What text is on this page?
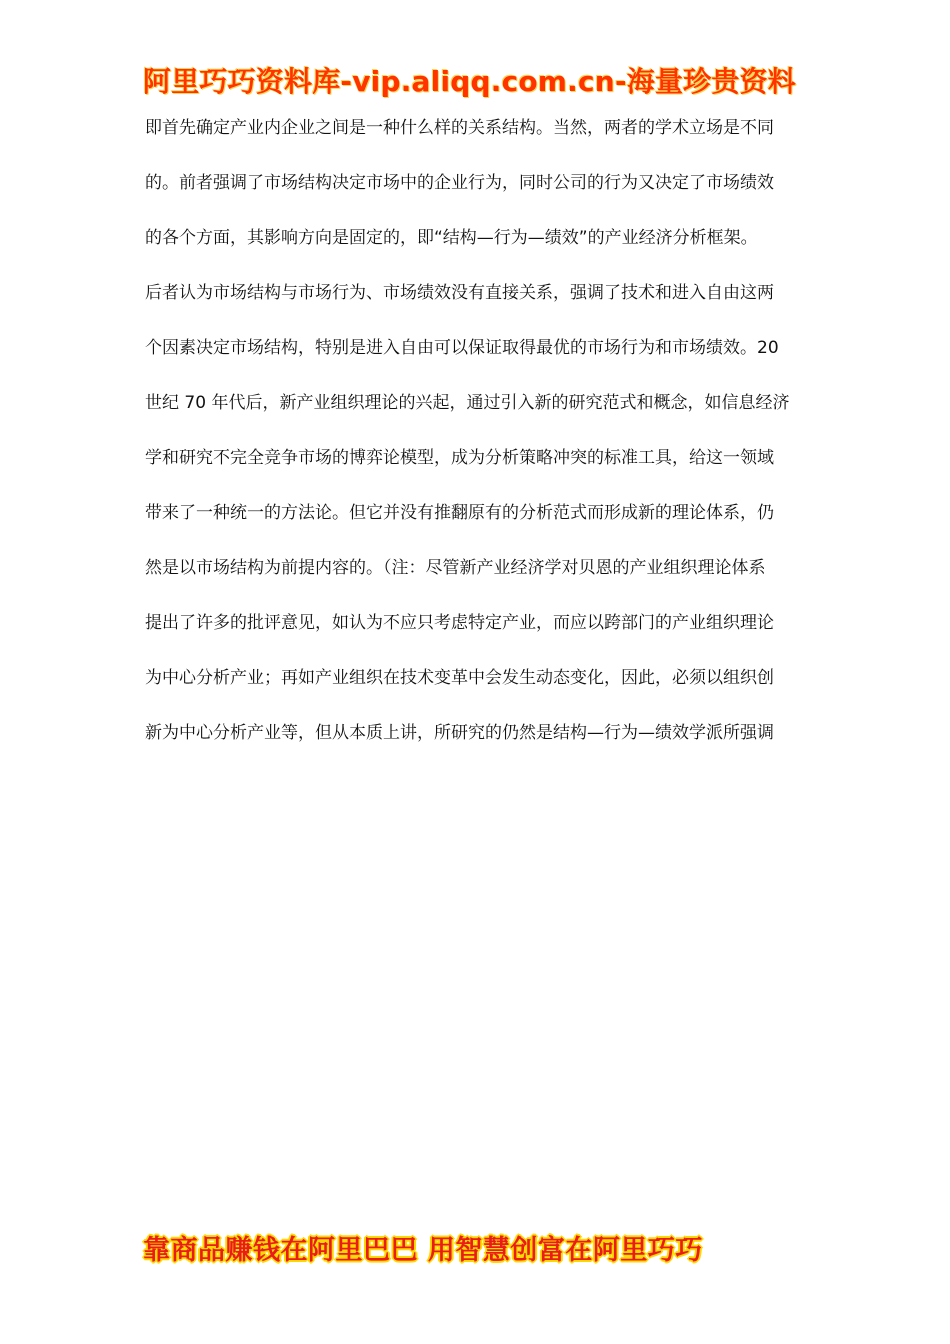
阿里巧巧资料库-vip.aliqq.com.cn-海量珍贵资料

即首先确定产业内企业之间是一种什么样的关系结构。当然，两者的学术立场是不同

的。前者强调了市场结构决定市场中的企业行为，同时公司的行为又决定了市场绩效

的各个方面，其影响方向是固定的，即“结构—行为—绩效”的产业经济分析框架。

后者认为市场结构与市场行为、市场绩效没有直接关系，强调了技术和进入自由这两

个因素决定市场结构，特别是进入自由可以保证取得最优的市场行为和市场绩效。20

世纪 70 年代后，新产业组织理论的兴起，通过引入新的研究范式和概念，如信息经济

学和研究不完全竞争市场的博弈论模型，成为分析策略冲突的标准工具，给这一领域

带来了一种统一的方法论。但它并没有推翻原有的分析范式而形成新的理论体系，仍

然是以市场结构为前提内容的。（注：尽管新产业经济学对贝恩的产业组织理论体系

提出了许多的批评意见，如认为不应只考虑特定产业，而应以跨部门的产业组织理论

为中心分析产业；再如产业组织在技术变革中会发生动态变化，因此，必须以组织创

新为中心分析产业等，但从本质上讲，所研究的仍然是结构—行为—绩效学派所强调

靠商品赚钱在阿里巴巴 用智慧创富在阿里巧巧
